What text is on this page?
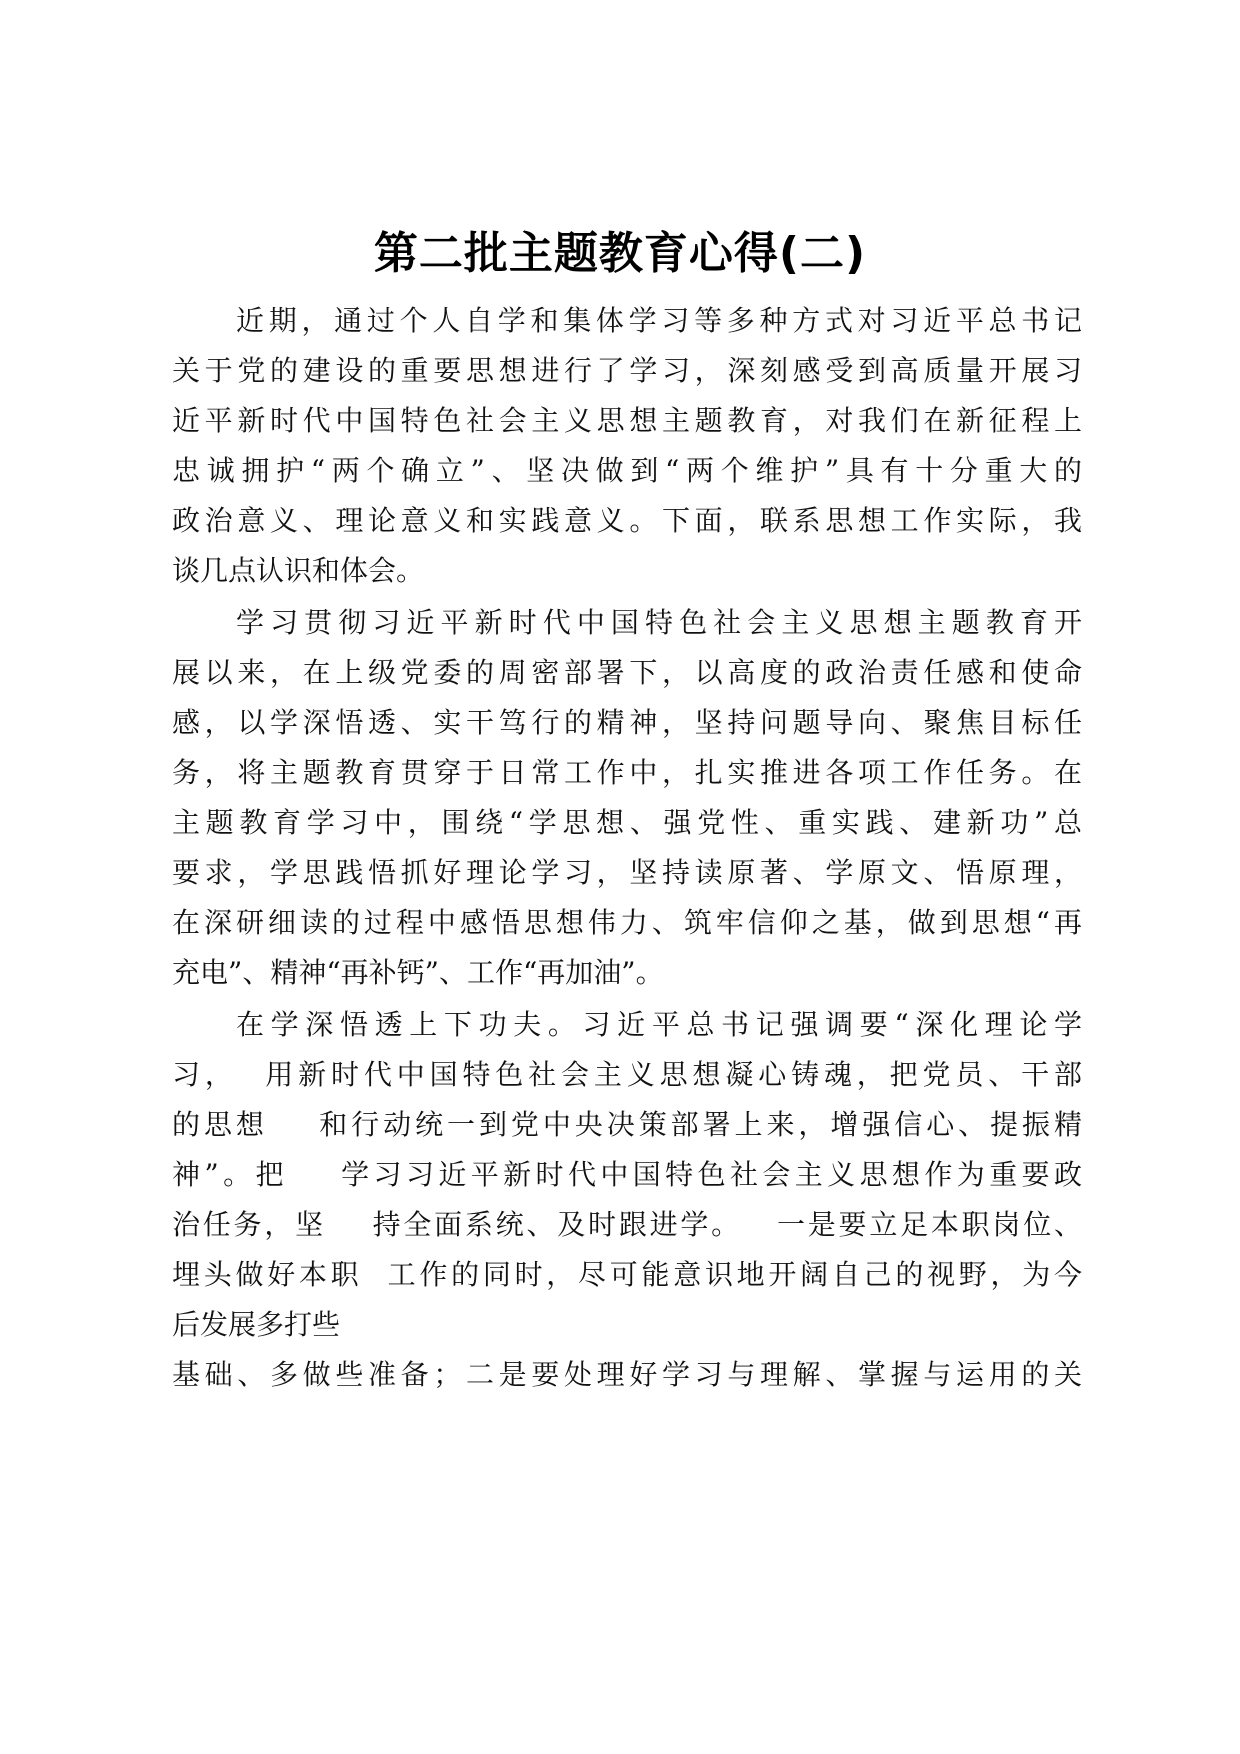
第二批主题教育心得(二)
近期，通过个人自学和集体学习等多种方式对习近平总书记
关于党的建设的重要思想进行了学习，深刻感受到高质量开展习
近平新时代中国特色社会主义思想主题教育，对我们在新征程上
忠诚拥护“两个确立”、坚决做到“两个维护”具有十分重大的
政治意义、理论意义和实践意义。下面，联系思想工作实际，我
谈几点认识和体会。
学习贯彻习近平新时代中国特色社会主义思想主题教育开
展以来，在上级党委的周密部署下，以高度的政治责任感和使命
感，以学深悟透、实干笃行的精神，坚持问题导向、聚焦目标任
务，将主题教育贯穿于日常工作中，扎实推进各项工作任务。在
主题教育学习中，围绕“学思想、强党性、重实践、建新功”总
要求，学思践悟抓好理论学习，坚持读原著、学原文、悟原理，
在深研细读的过程中感悟思想伟力、筑牢信仰之基，做到思想“再
充电”、精神“再补钙”、工作“再加油”。
在学深悟透上下功夫。习近平总书记强调要“深化理论学
习，  用新时代中国特色社会主义思想凝心铸魂，把党员、干部
的思想    和行动统一到党中央决策部署上来，增强信心、提振精
神”。把    学习习近平新时代中国特色社会主义思想作为重要政
治任务，坚    持全面系统、及时跟进学。   一是要立足本职岗位、
埋头做好本职  工作的同时，尽可能意识地开阔自己的视野，为今
后发展多打些
基础、多做些准备；二是要处理好学习与理解、掌握与运用的关
